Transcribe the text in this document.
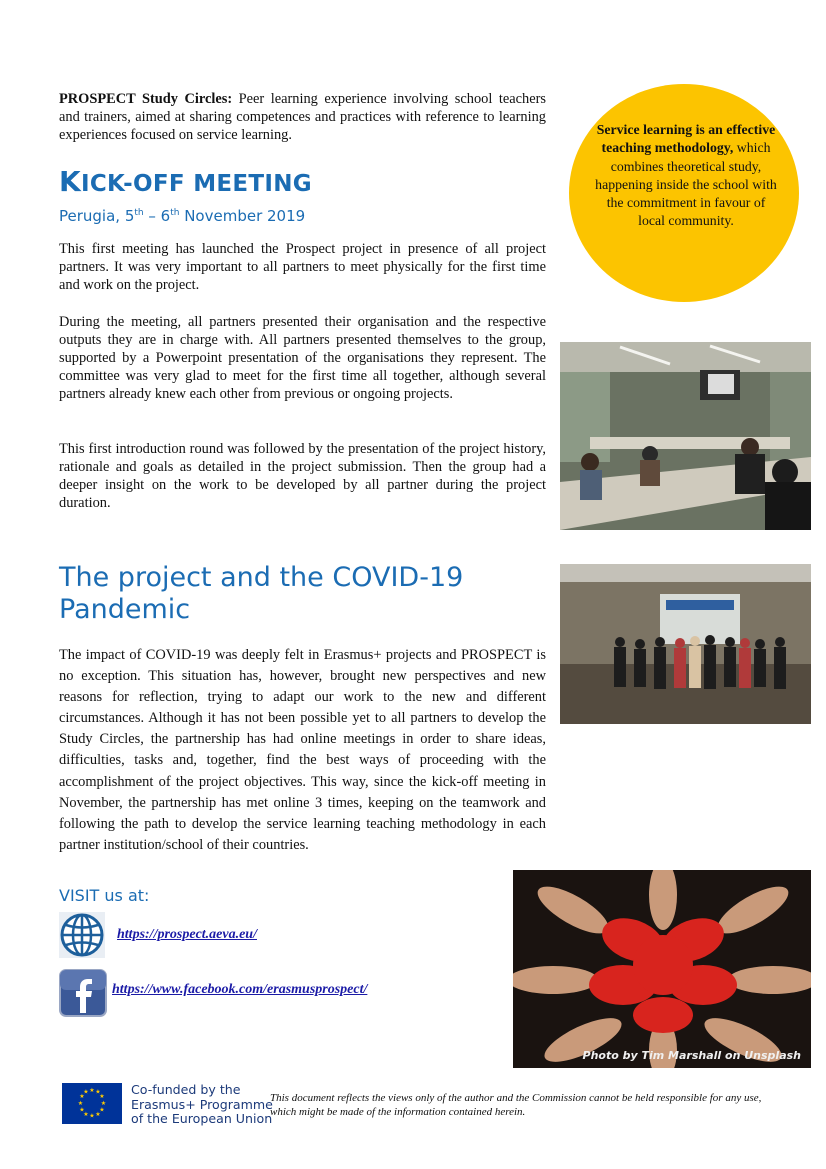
PROSPECT Study Circles: Peer learning experience involving school teachers and trainers, aimed at sharing competences and practices with reference to learning experiences focused on service learning.	Service learning is an effective teaching methodology, which combines theoretical study, happening inside the school with the commitment in favour of local community.
KICK-OFF MEETING
Perugia, 5th – 6th November 2019

This first meeting has launched the Prospect project in presence of all project partners. It was very important to all partners to meet physically for the first time and work on the project.

During the meeting, all partners presented their organisation and the respective outputs they are in charge with. All partners presented themselves to the group, supported by a Powerpoint presentation of the organisations they represent. The committee was very glad to meet for the first time all together, although several partners already knew each other from previous or ongoing projects.

This first introduction round was followed by the presentation of the project history, rationale and goals as detailed in the project submission. Then the group had a deeper insight on the work to be developed by all partner during the project duration.

The project and the COVID-19
Pandemic

The impact of COVID-19 was deeply felt in Erasmus+ projects and PROSPECT is no exception. This situation has, however, brought new perspectives and new reasons for reflection, trying to adapt our work to the new and different circumstances. Although it has not been possible yet to all partners to develop the Study Circles, the partnership has had online meetings in order to share ideas, difficulties, tasks and, together, find the best ways of proceeding with the accomplishment of the project objectives. This way, since the kick-off meeting in November, the partnership has met online 3 times, keeping on the teamwork and following the path to develop the service learning teaching methodology in each partner institution/school of their countries.

VISIT us at:
https://prospect.aeva.eu/
https://www.facebook.com/erasmusprospect/
Photo by Tim Marshall on Unsplash
★ ★
★
★
★
★
★
★
★
★
★
★	Co-funded by the
Erasmus+ Programme
of the European Union
This document reflects the views only of the author and the Commission cannot be held responsible for any use, which might be made of the information contained herein.
